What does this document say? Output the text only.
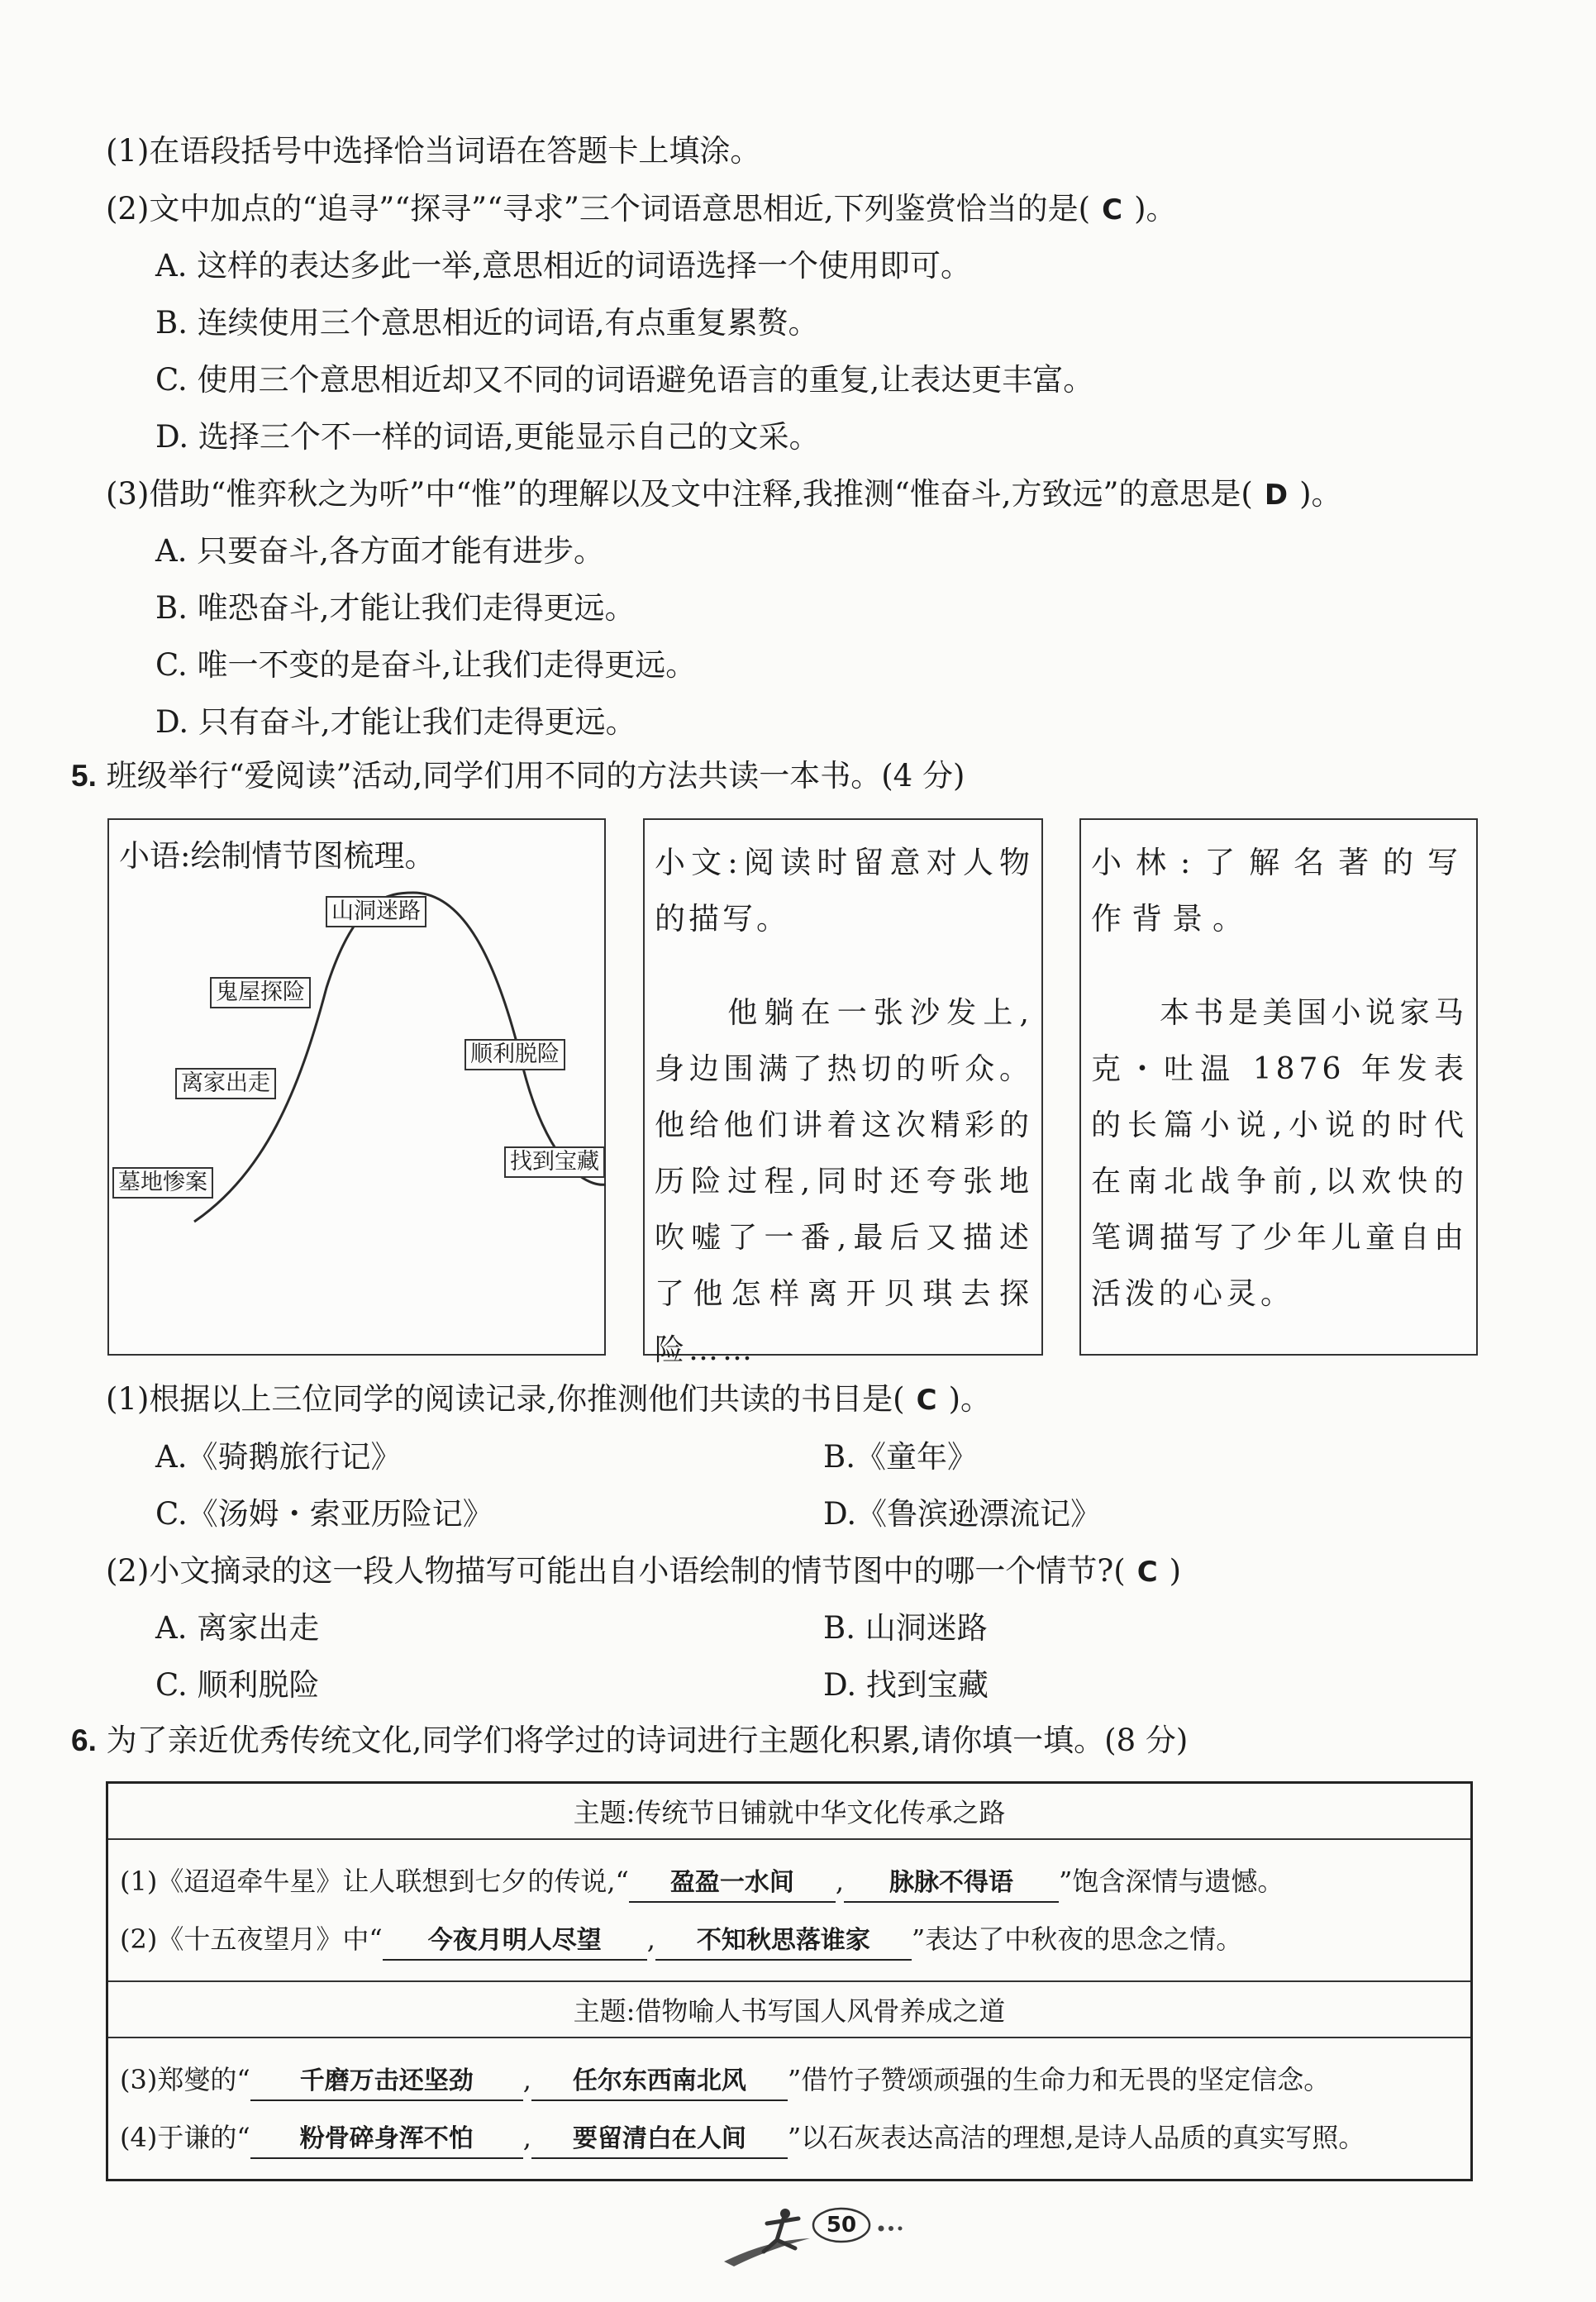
(1)在语段括号中选择恰当词语在答题卡上填涂。
(2)文中加点的“追寻”“探寻”“寻求”三个词语意思相近,下列鉴赏恰当的是( C )。
A. 这样的表达多此一举,意思相近的词语选择一个使用即可。
B. 连续使用三个意思相近的词语,有点重复累赘。
C. 使用三个意思相近却又不同的词语避免语言的重复,让表达更丰富。
D. 选择三个不一样的词语,更能显示自己的文采。
(3)借助“惟弈秋之为听”中“惟”的理解以及文中注释,我推测“惟奋斗,方致远”的意思是( D )。
A. 只要奋斗,各方面才能有进步。
B. 唯恐奋斗,才能让我们走得更远。
C. 唯一不变的是奋斗,让我们走得更远。
D. 只有奋斗,才能让我们走得更远。
5. 班级举行“爱阅读”活动,同学们用不同的方法共读一本书。(4 分)
小语:绘制情节图梳理。
墓地惨案
离家出走
鬼屋探险
山洞迷路
顺利脱险
找到宝藏
小文:阅读时留意对人物的描写。
　　他躺在一张沙发上,身边围满了热切的听众。他给他们讲着这次精彩的历险过程,同时还夸张地吹嘘了一番,最后又描述了他怎样离开贝琪去探险……
小林:了解名著的写作背景。
　　本书是美国小说家马克・吐温 1876 年发表的长篇小说,小说的时代在南北战争前,以欢快的笔调描写了少年儿童自由活泼的心灵。
(1)根据以上三位同学的阅读记录,你推测他们共读的书目是( C )。
A.《骑鹅旅行记》	B.《童年》
C.《汤姆・索亚历险记》	D.《鲁滨逊漂流记》
(2)小文摘录的这一段人物描写可能出自小语绘制的情节图中的哪一个情节?( C )
A. 离家出走	B. 山洞迷路
C. 顺利脱险	D. 找到宝藏
6. 为了亲近优秀传统文化,同学们将学过的诗词进行主题化积累,请你填一填。(8 分)
主题:传统节日铺就中华文化传承之路

(1)《迢迢牵牛星》让人联想到七夕的传说,“ 盈盈一水间 , 脉脉不得语 ”饱含深情与遗憾。
(2)《十五夜望月》中“ 今夜月明人尽望 , 不知秋思落谁家 ”表达了中秋夜的思念之情。

主题:借物喻人书写国人风骨养成之道

(3)郑燮的“ 千磨万击还坚劲 , 任尔东西南北风 ”借竹子赞颂顽强的生命力和无畏的坚定信念。
(4)于谦的“ 粉骨碎身浑不怕 , 要留清白在人间 ”以石灰表达高洁的理想,是诗人品质的真实写照。
50
